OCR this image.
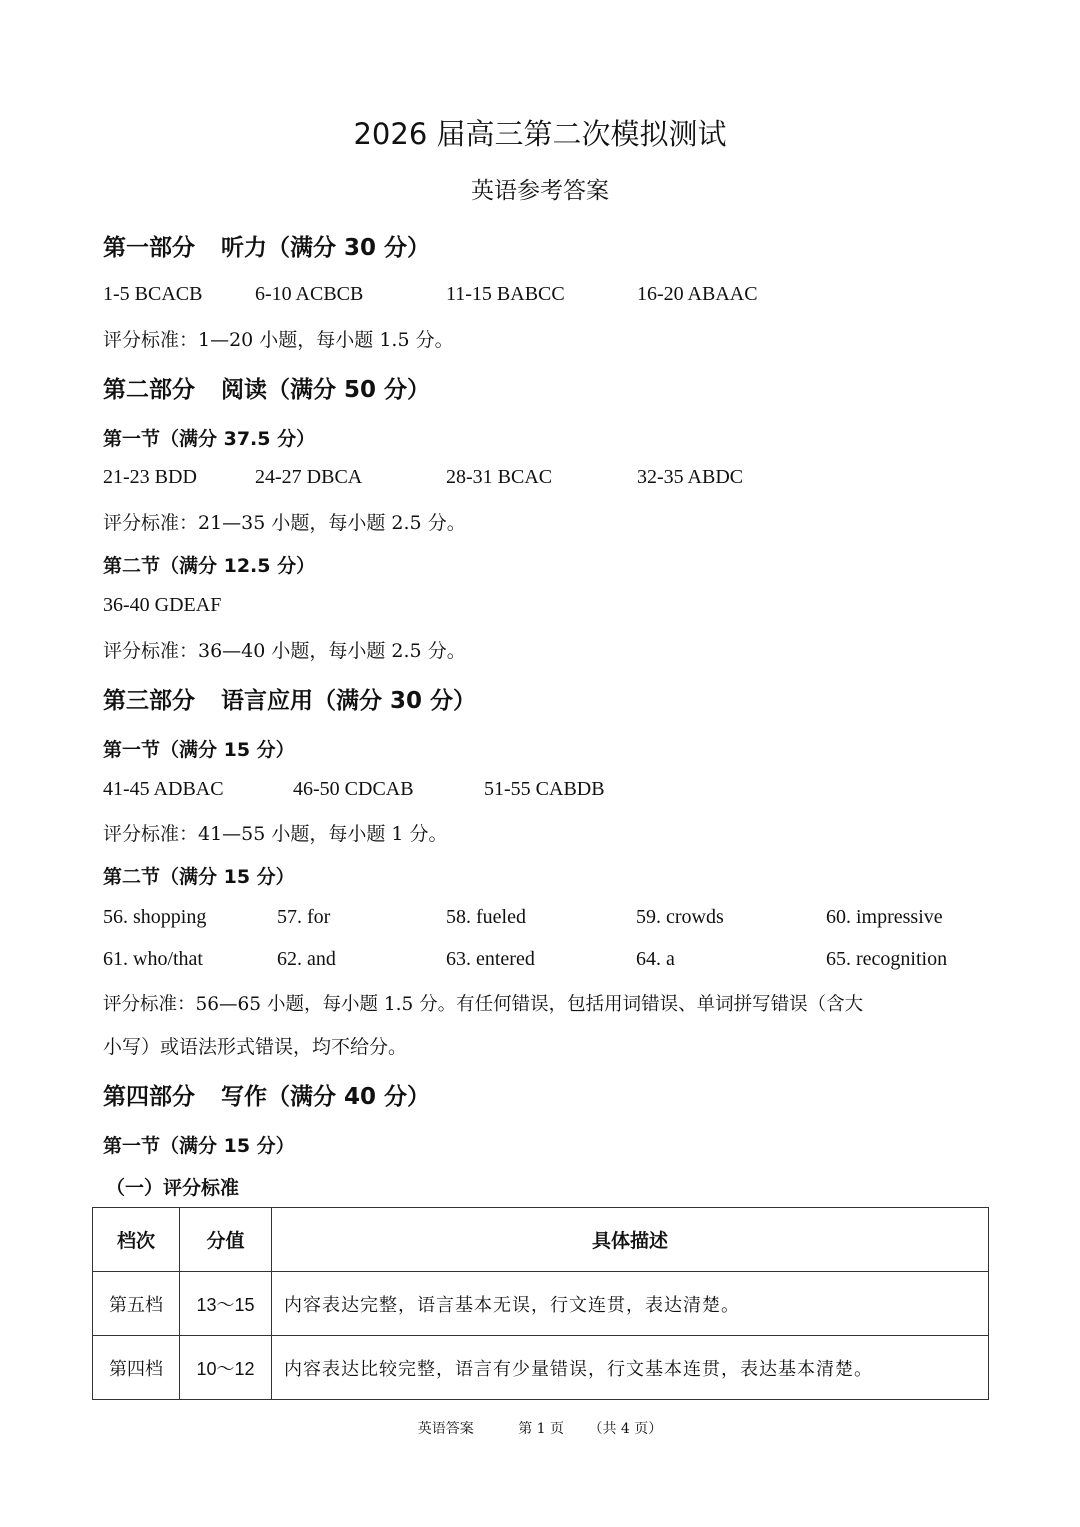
2026 届高三第二次模拟测试
英语参考答案
第一部分 听力（满分 30 分）
1-5 BCACB	6-10 ACBCB	11-15 BABCC	16-20 ABAAC
评分标准：1—20 小题，每小题 1.5 分。
第二部分 阅读（满分 50 分）
第一节（满分 37.5 分）
21-23 BDD	24-27 DBCA	28-31 BCAC	32-35 ABDC
评分标准：21—35 小题，每小题 2.5 分。
第二节（满分 12.5 分）
36-40 GDEAF
评分标准：36—40 小题，每小题 2.5 分。
第三部分 语言应用（满分 30 分）
第一节（满分 15 分）
41-45 ADBAC	46-50 CDCAB	51-55 CABDB
评分标准：41—55 小题，每小题 1 分。
第二节（满分 15 分）
56. shopping	57. for	58. fueled	59. crowds	60. impressive
61. who/that	62. and	63. entered	64. a	65. recognition
评分标准：56—65 小题，每小题 1.5 分。有任何错误，包括用词错误、单词拼写错误（含大
小写）或语法形式错误，均不给分。
第四部分 写作（满分 40 分）
第一节（满分 15 分）
（一）评分标准
档次	分值	具体描述
第五档	13～15	内容表达完整，语言基本无误，行文连贯，表达清楚。
第四档	10～12	内容表达比较完整，语言有少量错误，行文基本连贯，表达基本清楚。
英语答案	第 1 页 （共 4 页）
